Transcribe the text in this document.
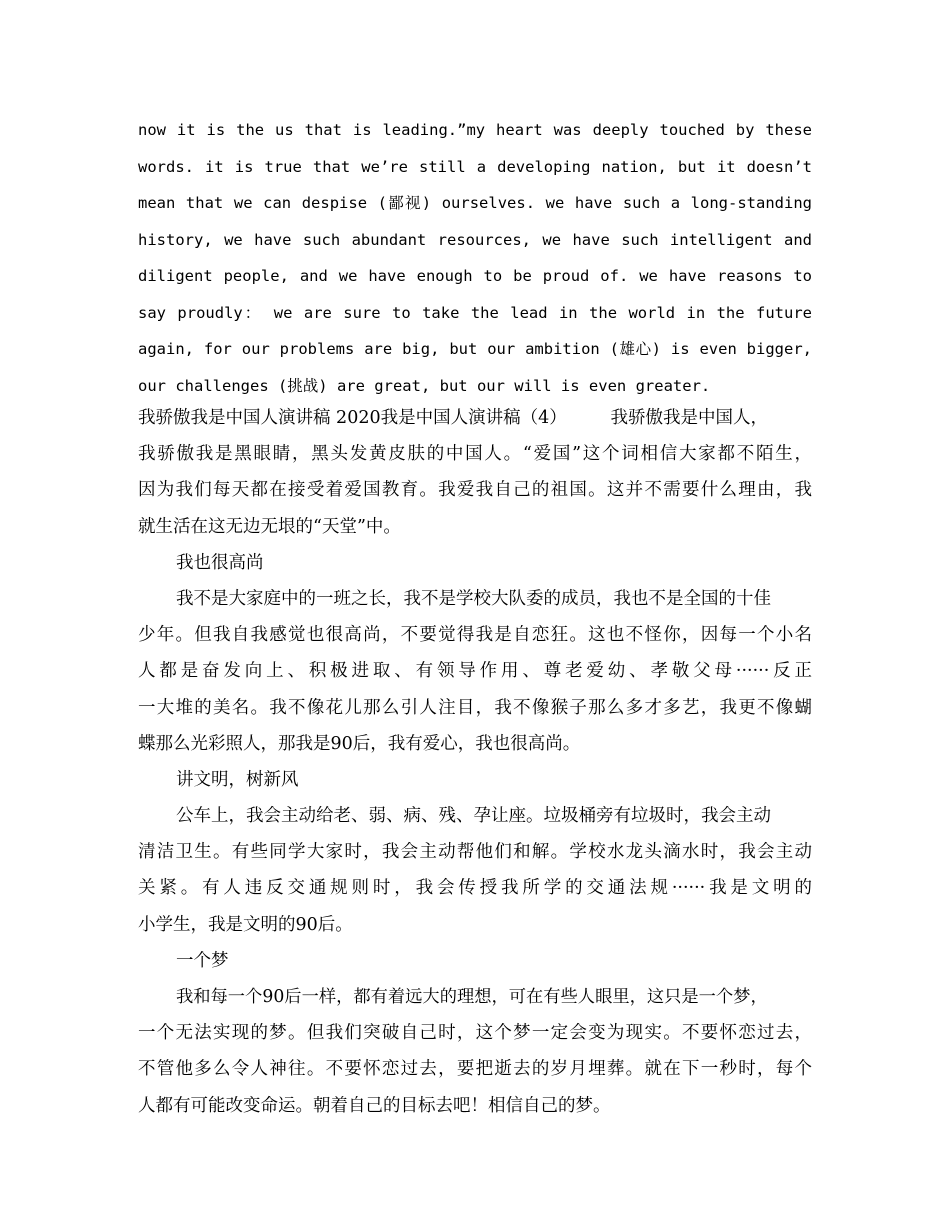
now it is the us that is leading.”my heart was deeply touched by these
words. it is true that we’re still a developing nation, but it doesn’t
mean that we can despise (鄙视) ourselves. we have such a long-standing
history, we have such abundant resources, we have such intelligent and
diligent people, and we have enough to be proud of. we have reasons to
say proudly： we are sure to take the lead in the world in the future
again, for our problems are big, but our ambition (雄心) is even bigger,
our challenges (挑战) are great, but our will is even greater.
我骄傲我是中国人演讲稿 2020我是中国人演讲稿（4）　　　我骄傲我是中国人，
我骄傲我是黑眼睛，黑头发黄皮肤的中国人。“爱国”这个词相信大家都不陌生，
因为我们每天都在接受着爱国教育。我爱我自己的祖国。这并不需要什么理由，我
就生活在这无边无垠的“天堂”中。
我也很高尚
我不是大家庭中的一班之长，我不是学校大队委的成员，我也不是全国的十佳
少年。但我自我感觉也很高尚，不要觉得我是自恋狂。这也不怪你，因每一个小名
人都是奋发向上、积极进取、有领导作用、尊老爱幼、孝敬父母······反正
一大堆的美名。我不像花儿那么引人注目，我不像猴子那么多才多艺，我更不像蝴
蝶那么光彩照人，那我是90后，我有爱心，我也很高尚。
讲文明，树新风
公车上，我会主动给老、弱、病、残、孕让座。垃圾桶旁有垃圾时，我会主动
清洁卫生。有些同学大家时，我会主动帮他们和解。学校水龙头滴水时，我会主动
关紧。有人违反交通规则时，我会传授我所学的交通法规······我是文明的
小学生，我是文明的90后。
一个梦
我和每一个90后一样，都有着远大的理想，可在有些人眼里，这只是一个梦，
一个无法实现的梦。但我们突破自己时，这个梦一定会变为现实。不要怀恋过去，
不管他多么令人神往。不要怀恋过去，要把逝去的岁月埋葬。就在下一秒时，每个
人都有可能改变命运。朝着自己的目标去吧！相信自己的梦。
